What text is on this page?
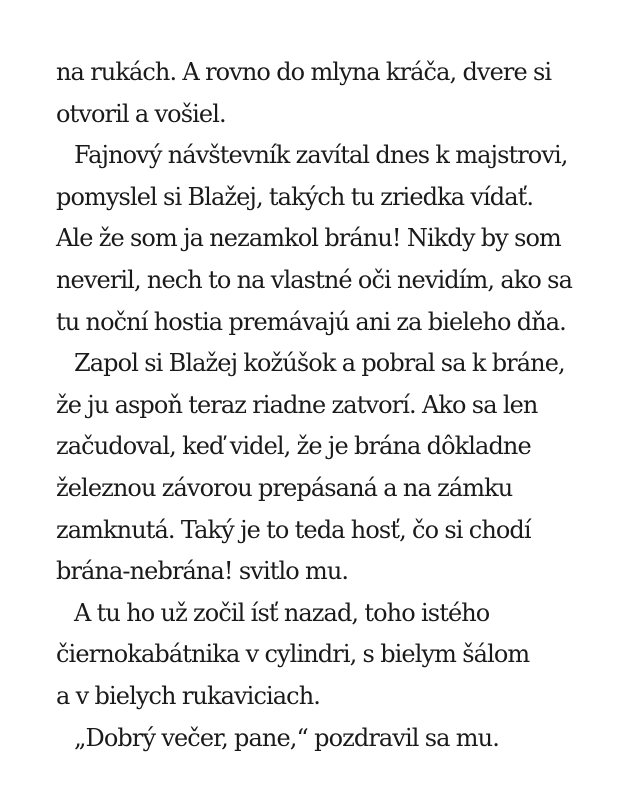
na rukách. A rovno do mlyna kráča, dvere si
otvoril a vošiel.
Fajnový návštevník zavítal dnes k majstrovi,
pomyslel si Blažej, takých tu zriedka vídať.
Ale že som ja nezamkol bránu! Nikdy by som
neveril, nech to na vlastné oči nevidím, ako sa
tu noční hostia premávajú ani za bieleho dňa.
Zapol si Blažej kožúšok a pobral sa k bráne,
že ju aspoň teraz riadne zatvorí. Ako sa len
začudoval, keď videl, že je brána dôkladne
železnou závorou prepásaná a na zámku
zamknutá. Taký je to teda hosť, čo si chodí
brána-nebrána! svitlo mu.
A tu ho už zočil ísť nazad, toho istého
čiernokabátnika v cylindri, s bielym šálom
a v bielych rukaviciach.
„Dobrý večer, pane,“ pozdravil sa mu.
